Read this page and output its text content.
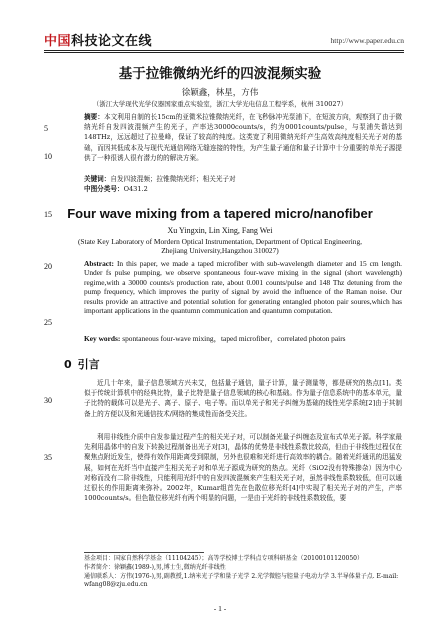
中国科技论文在线	http://www.paper.edu.cn
基于拉锥微纳光纤的四波混频实验
徐颖鑫，林星，方伟
（浙江大学现代光学仪器国家重点实验室，浙江大学光电信息工程学系，杭州 310027）

摘要：本文利用自制的长15cm的亚微米拉锥微纳光纤，在飞秒脉冲光泵浦下，在短波方向，观察到了由于微纳光纤自发四波混频产生的光子，产率达30000counts/s，约为0001counts/pulse，与泵浦失谐达到148THz，远远超过了拉曼峰，保证了较高的纯度。这类宽了利用微纳光纤产生高效高纯度相关光子对的基础，而因其低成本及与现代光通信网络无缝连接的特性，为产生量子通信和量子计算中十分重要的单光子源提供了一种很诱人很有潜力的的解决方案。

关键词：自发四波混频；拉锥微纳光纤；相关光子对

中图分类号：O431.2

Four wave mixing from a tapered micro/nanofiber
Xu Yingxin, Lin Xing, Fang Wei
(State Key Laboratory of Mordern Optical Instrumentation, Department of Optical Engineering,
Zhejiang University,Hangzhou 310027)

Abstract: In this paper, we made a taped microfiber with sub-wavelength diameter and 15 cm length. Under fs pulse pumping, we observe spontaneous four-wave mixing in the signal (short wavelength) regime,with a 30000 counts/s production rate, about 0.001 counts/pulse and 148 Thz detuning from the pump frequency, which improves the purity of signal by avoid the influence of the Raman noise. Our results provide an attractive and potential solution for generating entangled photon pair soures,which has important applications in the quantumn communication and quantumn computation.

Key words: spontaneous four-wave mixing，taped microfiber，correlated photon pairs

0 引言

近几十年来，量子信息领域方兴未艾，包括量子通信，量子计算，量子测量等，都是研究的热点[1]。类似于传统计算机中的经典比特，量子比特是量子信息领域的核心和基础。作为量子信息系统中的基本单元，量子比特的载体可以是光子、离子、原子、电子等。而以单光子和光子纠缠为基础的线性光学系统[2]由于其制备上的方便以及和光通信技术/网络的集成性而备受关注。

利用非线性介质中自发参量过程产生的相关光子对，可以制备光量子纠缠态及宣布式单光子源。科学家最先利用晶体中的自发下转换过程制备出光子对[3]，晶体的优势是非线性系数比较高，但由于非线性过程仅在聚焦点附近发生，使得有效作用距离受到限制，另外也很难和光纤进行高效率的耦合。随着光纤通讯的迅猛发展，如何在光纤当中直接产生相关光子对和单光子源成为研究的热点。光纤（SiO2没有特殊掺杂）因为中心对称而没有二阶非线性，只能利用光纤中的自发四波混频来产生相关光子对，虽然非线性系数较低，但可以通过很长的作用距离来弥补。2002年，Kumar组首先在色散位移光纤[4]中实现了相关光子对的产生，产率1000counts/s。但色散位移光纤有两个明显的问题，一是由于光纤的非线性系数较低，要

5
10
15
20
25
30
35

基金项目：国家自然科学基金（11104245）；高等学校博士学科点专项科研基金（20100101120050）

作者简介：徐颖鑫(1989-),男,博士生,微纳光纤非线性

通信联系人：方伟(1976-),男,副教授,1.纳米光子学和量子光学 2.光学微腔与腔量子电动力学 3.半导体量子点. E-mail: wfang08@zju.edu.cn

- 1 -
